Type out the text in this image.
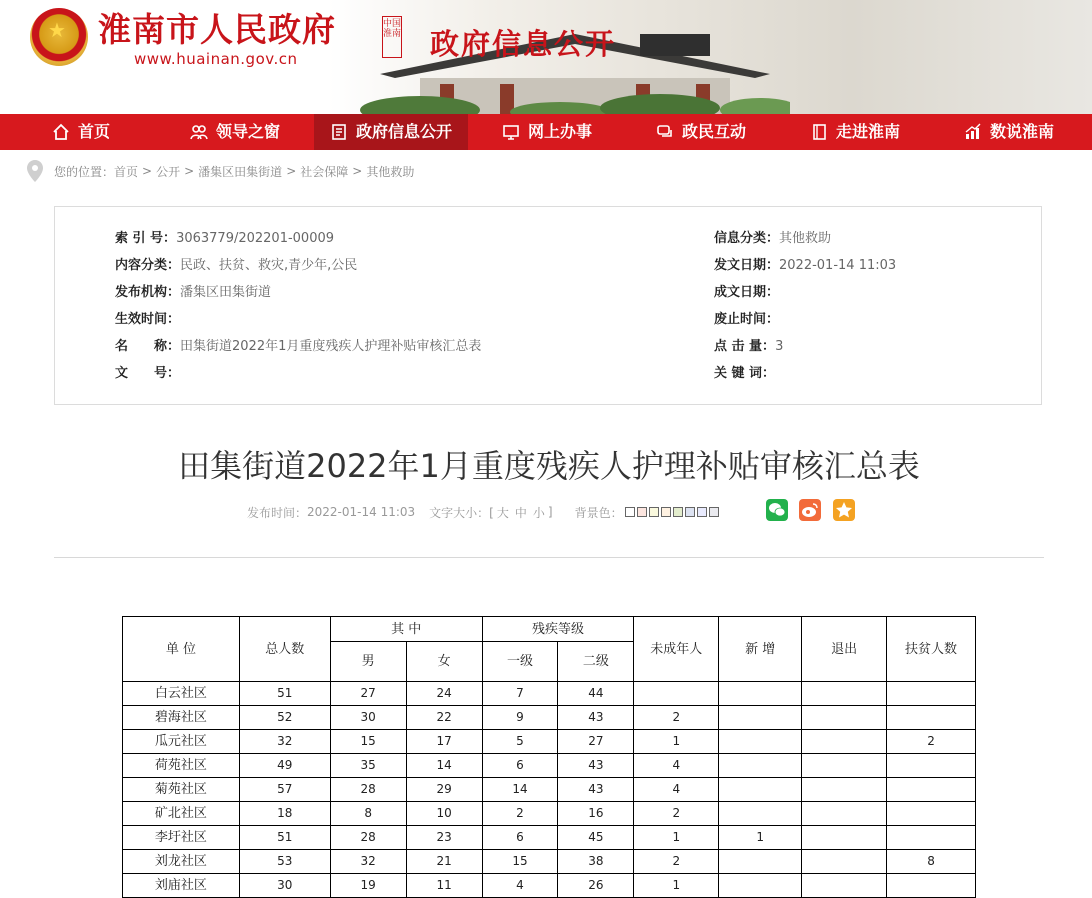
★ 淮南市人民政府
www.huainan.gov.cn
中国淮南 政府信息公开
首页	领导之窗	政府信息公开	网上办事	政民互动	走进淮南	数说淮南
您的位置： 首页 > 公开 > 潘集区田集街道 > 社会保障 > 其他救助
索 引 号：3063779/202201-00009
内容分类：民政、扶贫、救灾,青少年,公民
发布机构：潘集区田集街道
生效时间：
名　　称：田集街道2022年1月重度残疾人护理补贴审核汇总表
文　　号：
信息分类：其他救助
发文日期：2022-01-14 11:03
成文日期：
废止时间：
点 击 量：3
关 键 词：
田集街道2022年1月重度残疾人护理补贴审核汇总表
发布时间： 2022-01-14 11:03 文字大小：[ 大 中 小 ] 背景色：
单 位	总人数	其 中		残疾等级		未成年人	新 增	退出	扶贫人数
		男	女	一级	二级				
白云社区	51	27	24	7	44				
碧海社区	52	30	22	9	43	2			
瓜元社区	32	15	17	5	27	1			2
荷苑社区	49	35	14	6	43	4			
菊苑社区	57	28	29	14	43	4			
矿北社区	18	8	10	2	16	2			
李圩社区	51	28	23	6	45	1	1		
刘龙社区	53	32	21	15	38	2			8
刘庙社区	30	19	11	4	26	1			
